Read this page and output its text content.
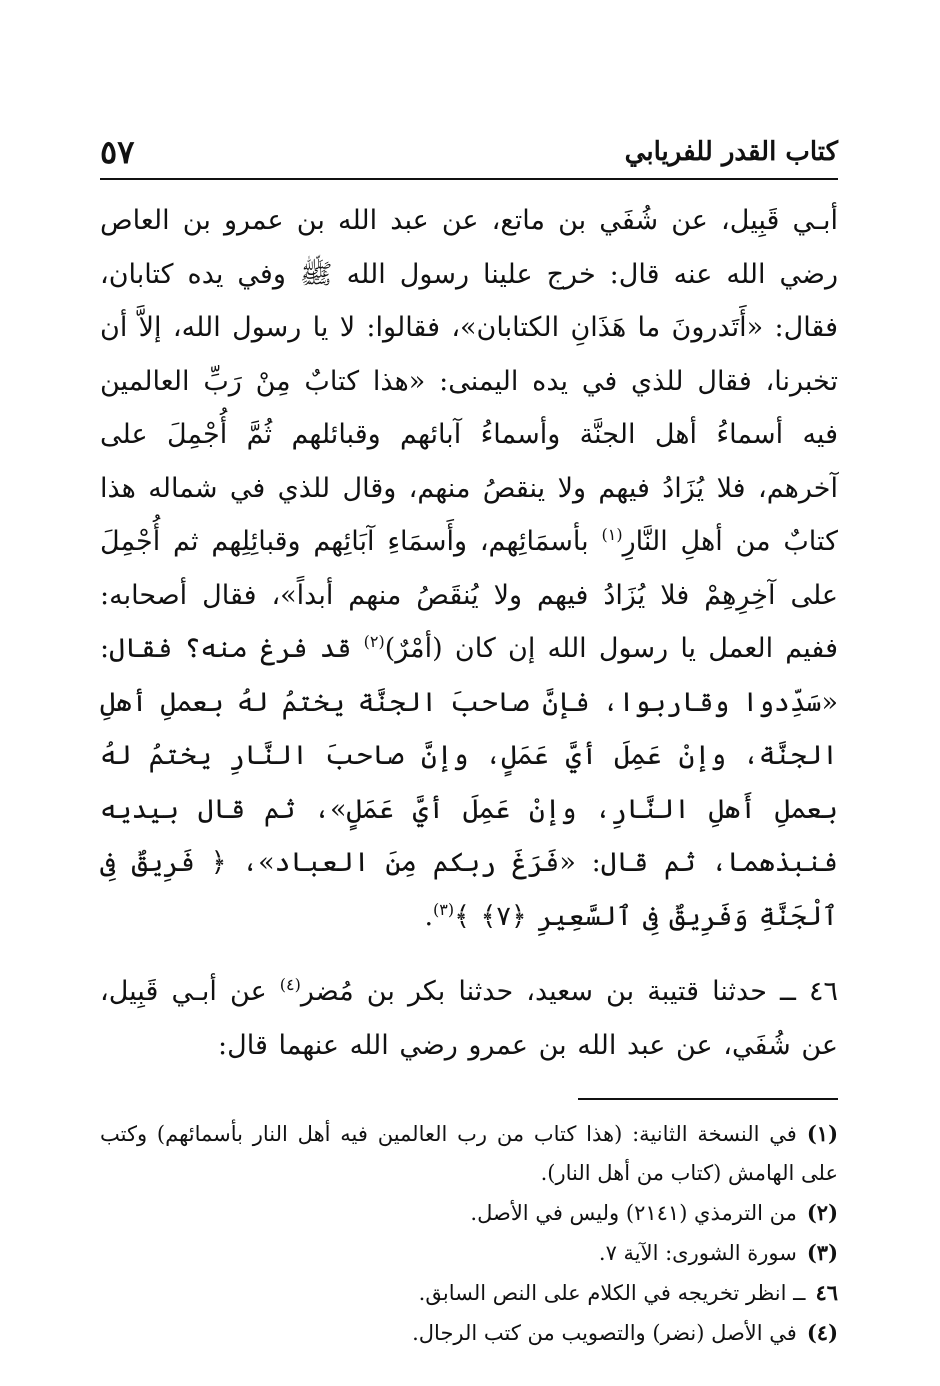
كتاب القدر للفريابي
٥٧

أبـي قَبِيل، عن شُفَي بن ماتع، عن عبد الله بن عمرو بن العاص رضي الله عنه قال: خرج علينا رسول الله ﷺ وفي يده كتابان، فقال: «أَتَدرونَ ما هَذَانِ الكتابان»، فقالوا: لا يا رسول الله، إلاَّ أن تخبرنا، فقال للذي في يده اليمنى: «هذا كتابٌ مِنْ رَبِّ العالمين فيه أسماءُ أهل الجنَّة وأسماءُ آبائهم وقبائلهم ثُمَّ أُجْمِلَ على آخرهم، فلا يُزَادُ فيهم ولا ينقصُ منهم، وقال للذي في شماله هذا كتابٌ من أهلِ النَّارِ$^{(١)}$ بأسمَائِهم، وأَسمَاءِ آبَائِهم وقبائِلِهم ثم أُجْمِلَ على آخِرِهِمْ فلا يُزَادُ فيهم ولا يُنقَصُ منهم أبداً»، فقال أصحابه: ففيم العمل يا رسول الله إن كان (أمْرٌ)$^{(٢)}$ قد فرغ منه؟ فقال: «سَدِّدوا وقاربوا، فإنَّ صاحبَ الجنَّة يختمُ لهُ بعملِ أهلِ الجنَّة، وإنْ عَمِلَ أيَّ عَمَلٍ، وإنَّ صاحبَ النَّارِ يختمُ لهُ بعملِ أَهلِ النَّارِ، وإنْ عَمِلَ أيَّ عَمَلٍ»، ثم قال بيديه فنبذهما، ثم قال: «فَرَغَ ربكم مِنَ العباد»، ﴿ فَرِيقٌ فِى ٱلْجَنَّةِ وَفَرِيقٌ فِى ٱلسَّعِيرِ ﴿٧﴾ ﴾$^{(٣)}$.

٤٦ ــ حدثنا قتيبة بن سعيد، حدثنا بكر بن مُضر$^{(٤)}$ عن أبـي قَبِيل، عن شُفَي، عن عبد الله بن عمرو رضي الله عنهما قال:

(١)في النسخة الثانية: (هذا كتاب من رب العالمين فيه أهل النار بأسمائهم) وكتب على الهامش (كتاب من أهل النار).

(٢)من الترمذي (٢١٤١) وليس في الأصل.

(٣)سورة الشورى: الآية ٧.

٤٦ــ انظر تخريجه في الكلام على النص السابق.

(٤)في الأصل (نضر) والتصويب من كتب الرجال.
